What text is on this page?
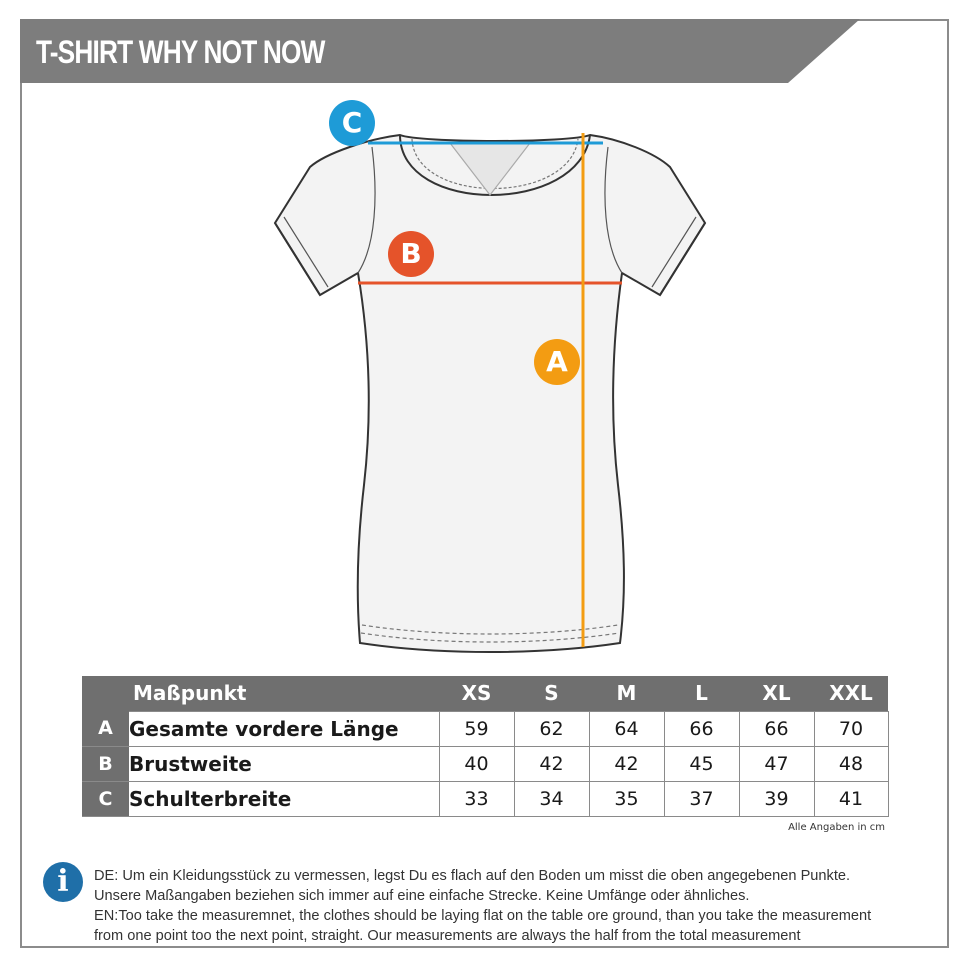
T-SHIRT WHY NOT NOW
C
B
A
	Maßpunkt	XS	S	M	L	XL	XXL
A	Gesamte vordere Länge	59	62	64	66	66	70
B	Brustweite	40	42	42	45	47	48
C	Schulterbreite	33	34	35	37	39	41
Alle Angaben in cm
i	DE: Um ein Kleidungsstück zu vermessen, legst Du es flach auf den Boden um misst die oben angegebenen Punkte.
Unsere Maßangaben beziehen sich immer auf eine einfache Strecke. Keine Umfänge oder ähnliches.
EN:Too take the measuremnet, the clothes should be laying flat on the table ore ground, than you take the measurement
from one point too the next point, straight. Our measurements are always the half from the total measurement
